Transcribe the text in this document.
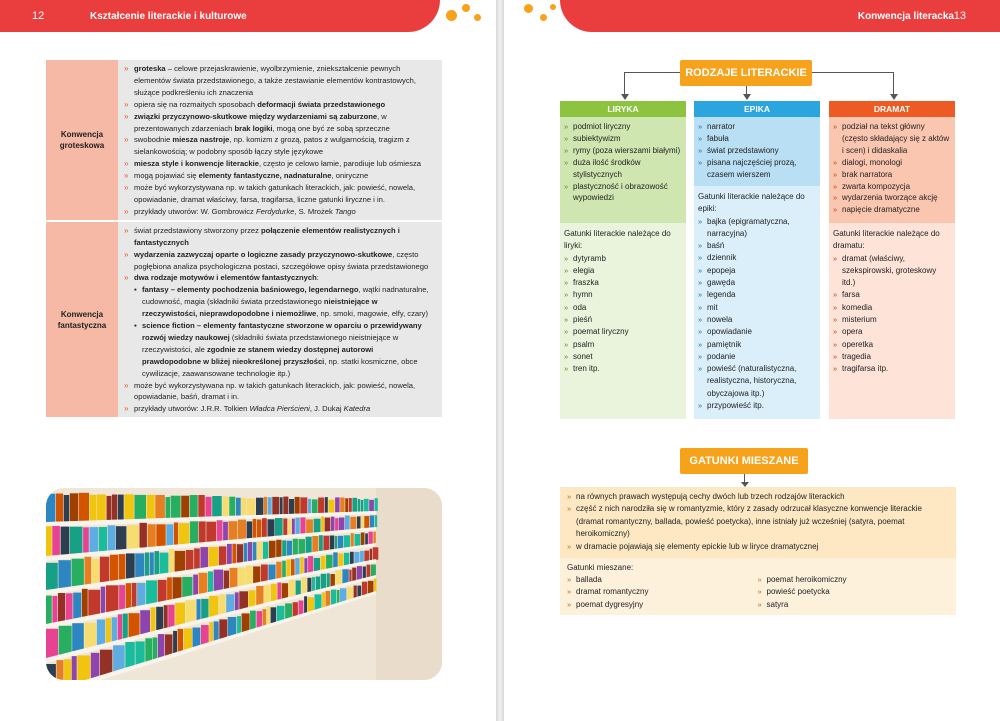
12	Kształcenie literackie i kulturowe
Konwencja groteskowa
» groteska – celowe przejaskrawienie, wyolbrzymienie, zniekształcenie pewnych elementów świata przedstawionego, a także zestawianie elementów kontrastowych, służące podkreśleniu ich znaczenia
» opiera się na rozmaitych sposobach deformacji świata przedstawionego
» związki przyczynowo-skutkowe między wydarzeniami są zaburzone, w prezentowanych zdarzeniach brak logiki, mogą one być ze sobą sprzeczne
» swobodnie miesza nastroje, np. komizm z grozą, patos z wulgarnością, tragizm z sielankowością; w podobny sposób łączy style językowe
» miesza style i konwencje literackie, często je celowo łamie, parodiuje lub ośmiesza
» mogą pojawiać się elementy fantastyczne, nadnaturalne, oniryczne
» może być wykorzystywana np. w takich gatunkach literackich, jak: powieść, nowela, opowiadanie, dramat właściwy, farsa, tragifarsa, liczne gatunki liryczne i in.
» przykłady utworów: W. Gombrowicz Ferdydurke, S. Mrożek Tango
Konwencja fantastyczna
» świat przedstawiony stworzony przez połączenie elementów realistycznych i fantastycznych
» wydarzenia zazwyczaj oparte o logiczne zasady przyczynowo-skutkowe, często pogłębiona analiza psychologiczna postaci, szczegółowe opisy świata przedstawionego
» dwa rodzaje motywów i elementów fantastycznych:
▪ fantasy – elementy pochodzenia baśniowego, legendarnego, wątki nadnaturalne, cudowność, magia (składniki świata przedstawionego nieistniejące w rzeczywistości, nieprawdopodobne i niemożliwe, np. smoki, magowie, elfy, czary)
▪ science fiction – elementy fantastyczne stworzone w oparciu o przewidywany rozwój wiedzy naukowej (składniki świata przedstawionego nieistniejące w rzeczywistości, ale zgodnie ze stanem wiedzy dostępnej autorowi prawdopodobne w bliżej nieokreślonej przyszłości, np. statki kosmiczne, obce cywilizacje, zaawansowane technologie itp.)
» może być wykorzystywana np. w takich gatunkach literackich, jak: powieść, nowela, opowiadanie, baśń, dramat i in.
» przykłady utworów: J.R.R. Tolkien Władca Pierścieni, J. Dukaj Katedra
Konwencja literacka 13
RODZAJE LITERACKIE
LIRYKA
» podmiot liryczny
» subiektywizm
» rymy (poza wierszami białymi)
» duża ilość środków stylistycznych
» plastyczność i obrazowość wypowiedzi
Gatunki literackie należące do liryki:
» dytyramb
» elegia
» fraszka
» hymn
» oda
» pieśń
» poemat liryczny
» psalm
» sonet
» tren itp.
EPIKA
» narrator
» fabuła
» świat przedstawiony
» pisana najczęściej prozą, czasem wierszem
Gatunki literackie należące do epiki:
» bajka (epigramatyczna, narracyjna)
» baśń
» dziennik
» epopeja
» gawęda
» legenda
» mit
» nowela
» opowiadanie
» pamiętnik
» podanie
» powieść (naturalistyczna, realistyczna, historyczna, obyczajowa itp.)
» przypowieść itp.
DRAMAT
» podział na tekst główny (często składający się z aktów i scen) i didaskalia
» dialogi, monologi
» brak narratora
» zwarta kompozycja
» wydarzenia tworzące akcję
» napięcie dramatyczne
Gatunki literackie należące do dramatu:
» dramat (właściwy, szekspirowski, groteskowy itd.)
» farsa
» komedia
» misterium
» opera
» operetka
» tragedia
» tragifarsa itp.
GATUNKI MIESZANE
» na równych prawach występują cechy dwóch lub trzech rodzajów literackich
» część z nich narodziła się w romantyzmie, który z zasady odrzucał klasyczne konwencje literackie (dramat romantyczny, ballada, powieść poetycka), inne istniały już wcześniej (satyra, poemat heroikomiczny)
» w dramacie pojawiają się elementy epickie lub w liryce dramatycznej
Gatunki mieszane:
» ballada
» dramat romantyczny
» poemat dygresyjny
» poemat heroikomiczny
» powieść poetycka
» satyra
